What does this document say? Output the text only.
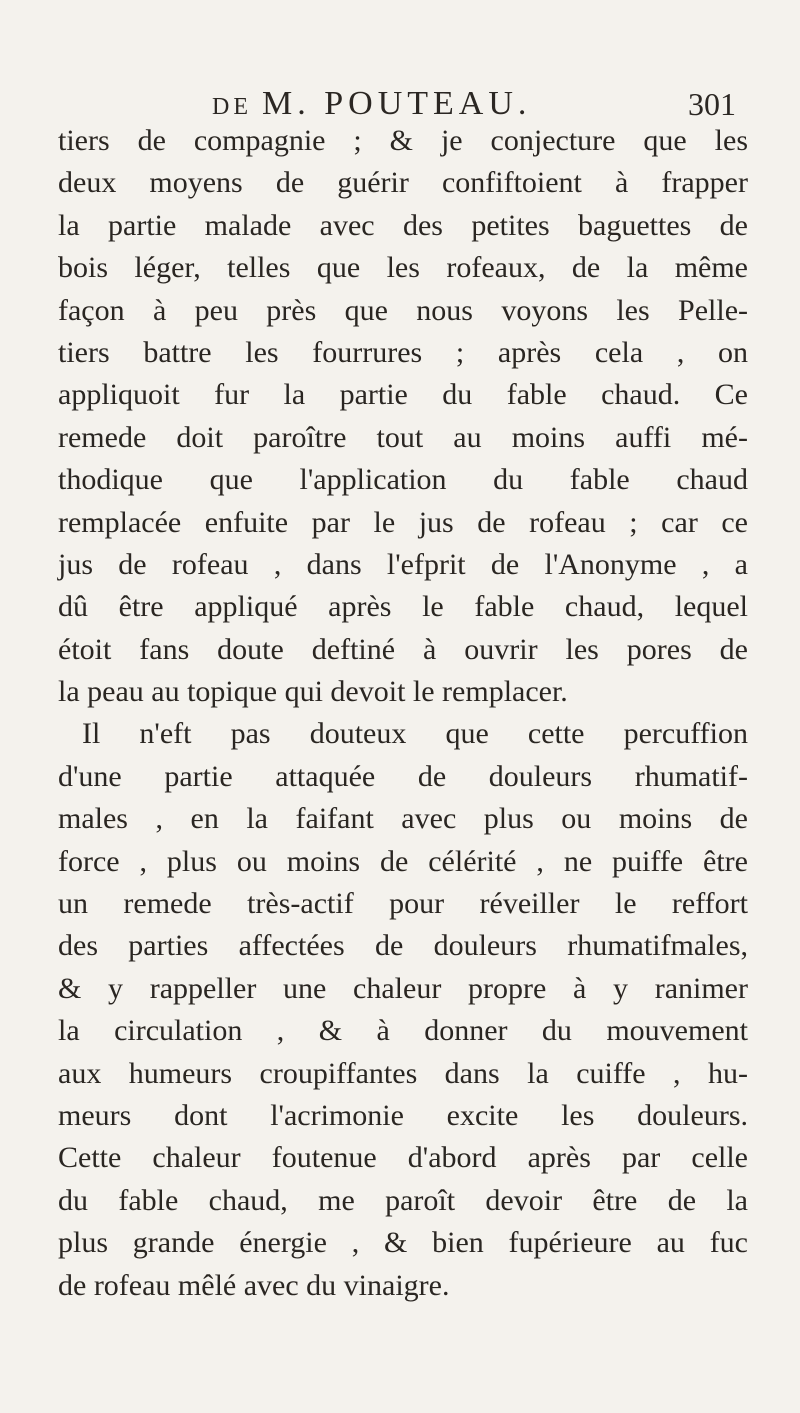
DE M. POUTEAU.	301
tiers de compagnie ; & je conjecture que les
deux moyens de guérir confiftoient à frapper
la partie malade avec des petites baguettes de
bois léger, telles que les rofeaux, de la même
façon à peu près que nous voyons les Pelle-
tiers battre les fourrures ; après cela , on
appliquoit fur la partie du fable chaud. Ce
remede doit paroître tout au moins auffi mé-
thodique que l'application du fable chaud
remplacée enfuite par le jus de rofeau ; car ce
jus de rofeau , dans l'efprit de l'Anonyme , a
dû être appliqué après le fable chaud, lequel
étoit fans doute deftiné à ouvrir les pores de
la peau au topique qui devoit le remplacer.
Il n'eft pas douteux que cette percuffion
d'une partie attaquée de douleurs rhumatif-
males , en la faifant avec plus ou moins de
force , plus ou moins de célérité , ne puiffe être
un remede très-actif pour réveiller le reffort
des parties affectées de douleurs rhumatifmales,
& y rappeller une chaleur propre à y ranimer
la circulation , & à donner du mouvement
aux humeurs croupiffantes dans la cuiffe , hu-
meurs dont l'acrimonie excite les douleurs.
Cette chaleur foutenue d'abord après par celle
du fable chaud, me paroît devoir être de la
plus grande énergie , & bien fupérieure au fuc
de rofeau mêlé avec du vinaigre.
